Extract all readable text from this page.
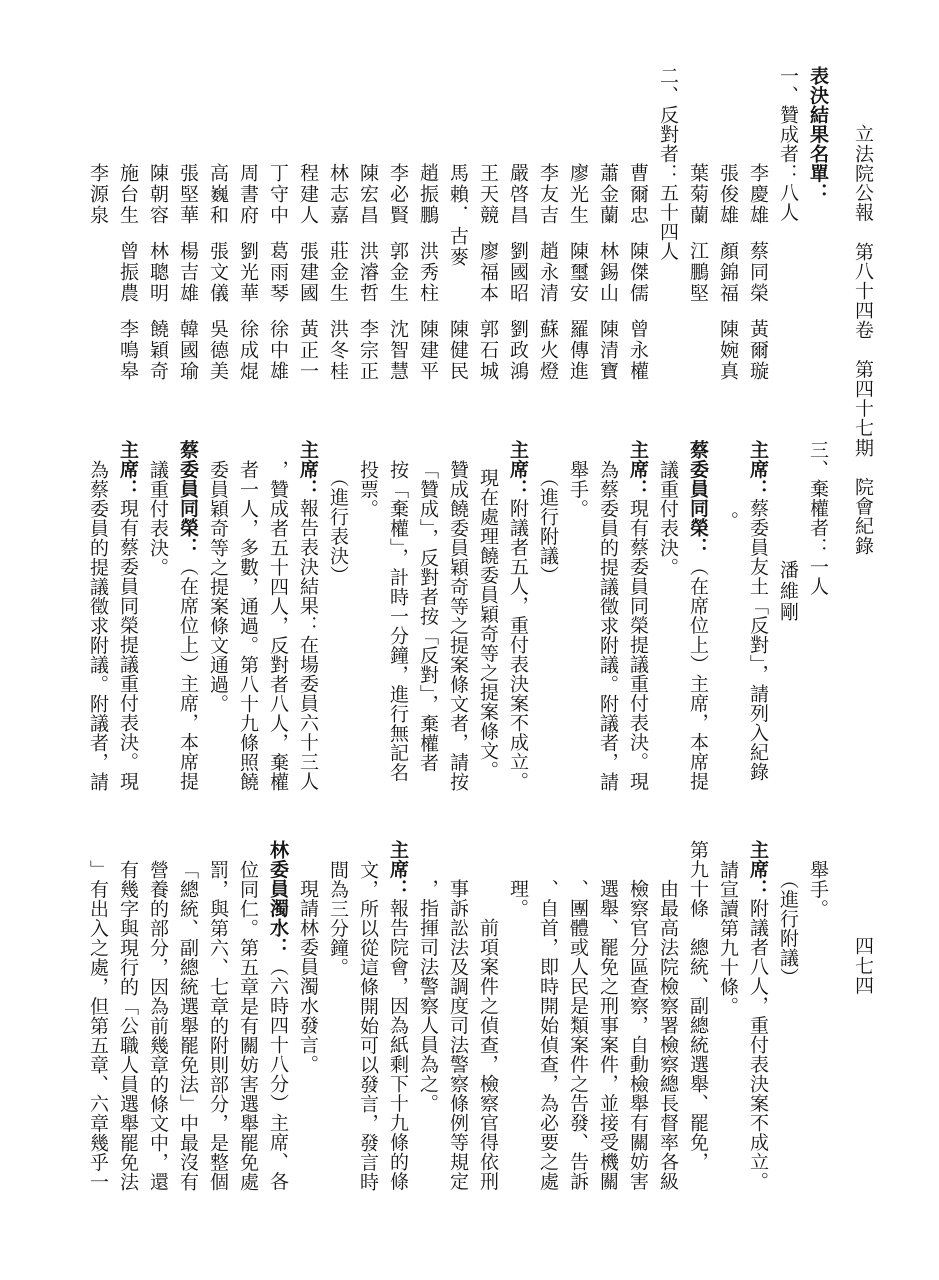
立法院公報　第八十四卷　第四十七期　院會紀錄
四七四
表決結果名單：
一、贊成者：八人
李慶雄蔡同榮黃爾璇
張俊雄顏錦福陳婉真
葉菊蘭江鵬堅
二、反對者：五十四人
曹爾忠陳傑儒曾永權
蕭金蘭林錫山陳清寶
廖光生陳璽安羅傳進
李友吉趙永清蘇火燈
嚴啓昌劉國昭劉政鴻
王天競廖福本郭石城
馬賴．古麥陳健民
趙振鵬洪秀柱陳建平
李必賢郭金生沈智慧
陳宏昌洪濬哲李宗正
林志嘉莊金生洪冬桂
程建人張建國黃正一
丁守中葛雨琴徐中雄
周書府劉光華徐成焜
高巍和張文儀吳德美
張堅華楊吉雄韓國瑜
陳朝容林聰明饒穎奇
施台生曾振農李鳴皋
李源泉
三、棄權者：一人
潘維剛
主席：蔡委員友土「反對」，請列入紀錄
。
蔡委員同榮：（在席位上）主席，本席提
議重付表決。
主席：現有蔡委員同榮提議重付表決。現
為蔡委員的提議徵求附議。附議者，請
舉手。
（進行附議）
主席：附議者五人，重付表決案不成立。
現在處理饒委員穎奇等之提案條文。
贊成饒委員穎奇等之提案條文者，請按
「贊成」，反對者按「反對」，棄權者
按「棄權」，計時一分鐘，進行無記名
投票。
（進行表決）
主席：報告表決結果：在場委員六十三人
，贊成者五十四人，反對者八人，棄權
者一人，多數，通過。第八十九條照饒
委員穎奇等之提案條文通過。
蔡委員同榮：（在席位上）主席，本席提
議重付表決。
主席：現有蔡委員同榮提議重付表決。現
為蔡委員的提議徵求附議。附議者，請
舉手。
（進行附議）
主席：附議者八人，重付表決案不成立。
請宣讀第九十條。
第九十條　總統、副總統選舉、罷免，
由最高法院檢察署檢察總長督率各級
檢察官分區查察，自動檢舉有關妨害
選舉、罷免之刑事案件，並接受機關
、團體或人民是類案件之告發、告訴
、自首，即時開始偵查，為必要之處
理。
前項案件之偵查，檢察官得依刑
事訴訟法及調度司法警察條例等規定
，指揮司法警察人員為之。
主席：報告院會，因為紙剩下十九條的條
文，所以從這條開始可以發言，發言時
間為三分鐘。
現請林委員濁水發言。
林委員濁水：（六時四十八分）主席、各
位同仁。第五章是有關妨害選舉罷免處
罰，與第六、七章的附則部分，是整個
「總統、副總統選舉罷免法」中最沒有
營養的部分，因為前幾章的條文中，還
有幾字與現行的「公職人員選舉罷免法
」有出入之處，但第五章、六章幾乎一
